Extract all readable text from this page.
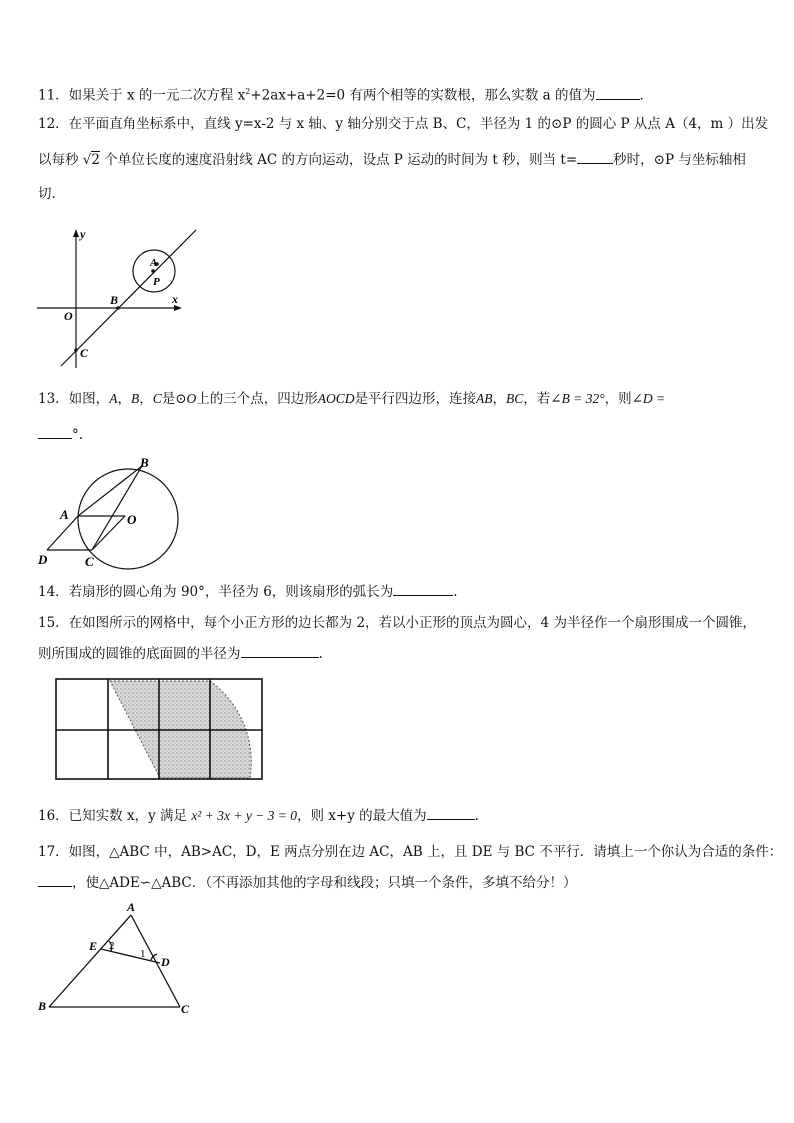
11．如果关于 x 的一元二次方程 $x^2+2ax+a+2=0$ 有两个相等的实数根，那么实数 a 的值为	．
12．在平面直角坐标系中，直线 y=x-2 与 x 轴、y 轴分别交于点 B、C，半径为 1 的⊙P 的圆心 P 从点 A（4，m ）出发
以每秒 √2 个单位长度的速度沿射线 AC 的方向运动，设点 P 运动的时间为 t 秒，则当 t=	秒时，⊙P 与坐标轴相
切.
y
x
O
B
C
A
P
13．如图，A，B，C是⊙O上的三个点，四边形AOCD是平行四边形，连接AB，BC，若∠B = 32°，则∠D =
°.
B
A	O
D	C
14．若扇形的圆心角为 90°，半径为 6，则该扇形的弧长为	.
15．在如图所示的网格中，每个小正方形的边长都为 2，若以小正形的顶点为圆心，4 为半径作一个扇形围成一个圆锥，
则所围成的圆锥的底面圆的半径为	.
16．已知实数 x，y 满足 x² + 3x + y − 3 = 0，则 x+y 的最大值为	.
17．如图，△ABC 中，AB>AC，D，E 两点分别在边 AC，AB 上，且 DE 与 BC 不平行．请填上一个你认为合适的条件：
，使△ADE∽△ABC．（不再添加其他的字母和线段；只填一个条件，多填不给分！）
A
E 2
1
D
B	C
